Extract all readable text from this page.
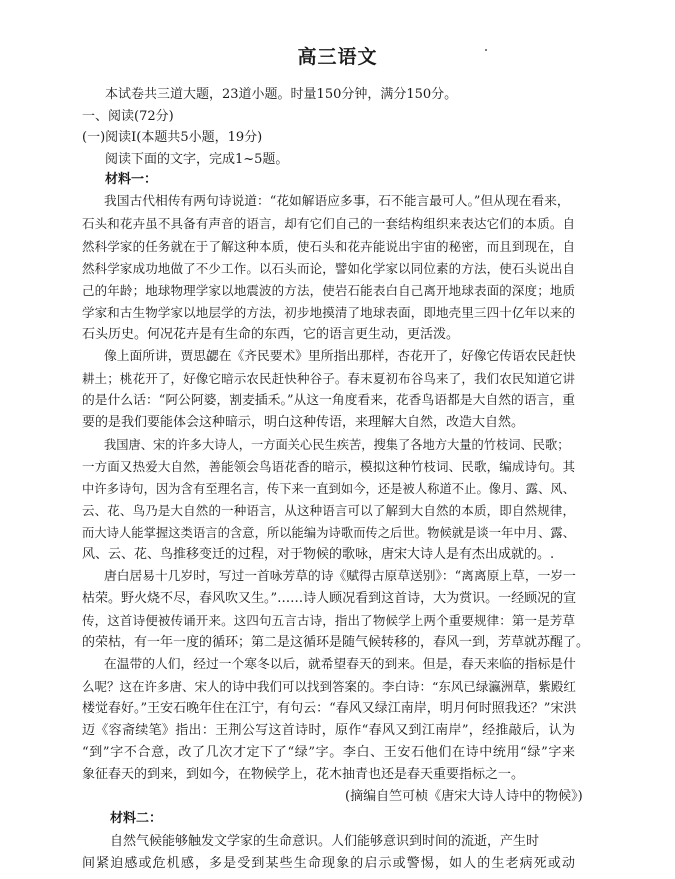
高三语文
本试卷共三道大题，23道小题。时量150分钟，满分150分。
一、阅读(72分)
(一)阅读Ⅰ(本题共5小题，19分)
阅读下面的文字，完成1~5题。
材料一：
我国古代相传有两句诗说道：“花如解语应多事，石不能言最可人。”但从现在看来，
石头和花卉虽不具备有声音的语言，却有它们自己的一套结构组织来表达它们的本质。自
然科学家的任务就在于了解这种本质，使石头和花卉能说出宇宙的秘密，而且到现在，自
然科学家成功地做了不少工作。以石头而论，譬如化学家以同位素的方法，使石头说出自
己的年龄；地球物理学家以地震波的方法，使岩石能表白自己离开地球表面的深度；地质
学家和古生物学家以地层学的方法，初步地摸清了地球表面，即地壳里三四十亿年以来的
石头历史。何况花卉是有生命的东西，它的语言更生动，更活泼。
像上面所讲，贾思勰在《齐民要术》里所指出那样，杏花开了，好像它传语农民赶快
耕土；桃花开了，好像它暗示农民赶快种谷子。春末夏初布谷鸟来了，我们农民知道它讲
的是什么话：“阿公阿婆，割麦插禾。”从这一角度看来，花香鸟语都是大自然的语言，重
要的是我们要能体会这种暗示，明白这种传语，来理解大自然，改造大自然。
我国唐、宋的许多大诗人，一方面关心民生疾苦，搜集了各地方大量的竹枝词、民歌；
一方面又热爱大自然，善能领会鸟语花香的暗示，模拟这种竹枝词、民歌，编成诗句。其
中许多诗句，因为含有至理名言，传下来一直到如今，还是被人称道不止。像月、露、风、
云、花、鸟乃是大自然的一种语言，从这种语言可以了解到大自然的本质，即自然规律，
而大诗人能掌握这类语言的含意，所以能编为诗歌而传之后世。物候就是谈一年中月、露、
风、云、花、鸟推移变迁的过程，对于物候的歌咏，唐宋大诗人是有杰出成就的。.
唐白居易十几岁时，写过一首咏芳草的诗《赋得古原草送别》：“离离原上草，一岁一
枯荣。野火烧不尽，春风吹又生。”……诗人顾况看到这首诗，大为赏识。一经顾况的宣
传，这首诗便被传诵开来。这四句五言古诗，指出了物候学上两个重要规律：第一是芳草
的荣枯，有一年一度的循环；第二是这循环是随气候转移的，春风一到，芳草就苏醒了。
在温带的人们，经过一个寒冬以后，就希望春天的到来。但是，春天来临的指标是什
么呢？这在许多唐、宋人的诗中我们可以找到答案的。李白诗：“东风已绿瀛洲草，紫殿红
楼觉春好。”王安石晚年住在江宁，有句云：“春风又绿江南岸，明月何时照我还？”宋洪
迈《容斋续笔》指出：王荆公写这首诗时，原作“春风又到江南岸”，经推敲后，认为
“到”字不合意，改了几次才定下了“绿”字。李白、王安石他们在诗中统用“绿”字来
象征春天的到来，到如今，在物候学上，花木抽青也还是春天重要指标之一。
(摘编自竺可桢《唐宋大诗人诗中的物候》)
材料二：
自然气候能够触发文学家的生命意识。人们能够意识到时间的流逝，产生时
间紧迫感或危机感，多是受到某些生命现象的启示或警惕，如人的生老病死或动
